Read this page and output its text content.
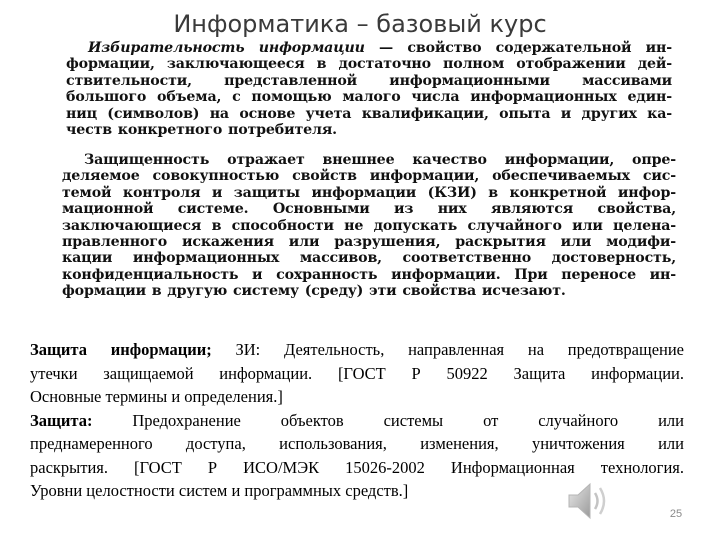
Информатика – базовый курс
Избирательность информации — свойство содержательной ин-
формации, заключающееся в достаточно полном отображении дей-
ствительности, представленной информационными массивами
большого объема, с помощью малого числа информационных един-
ниц (символов) на основе учета квалификации, опыта и других ка-
честв конкретного потребителя.
Защищенность отражает внешнее качество информации, опре-
деляемое совокупностью свойств информации, обеспечиваемых сис-
темой контроля и защиты информации (КЗИ) в конкретной инфор-
мационной системе. Основными из них являются свойства,
заключающиеся в способности не допускать случайного или целена-
правленного искажения или разрушения, раскрытия или модифи-
кации информационных массивов, соответственно достоверность,
конфиденциальность и сохранность информации. При переносе ин-
формации в другую систему (среду) эти свойства исчезают.
Защита информации; ЗИ: Деятельность, направленная на предотвращение
утечки защищаемой информации. [ГОСТ Р 50922 Защита информации.
Основные термины и определения.]
Защита: Предохранение объектов системы от случайного или
преднамеренного доступа, использования, изменения, уничтожения или
раскрытия. [ГОСТ Р ИСО/МЭК 15026-2002 Информационная технология.
Уровни целостности систем и программных средств.]
25
